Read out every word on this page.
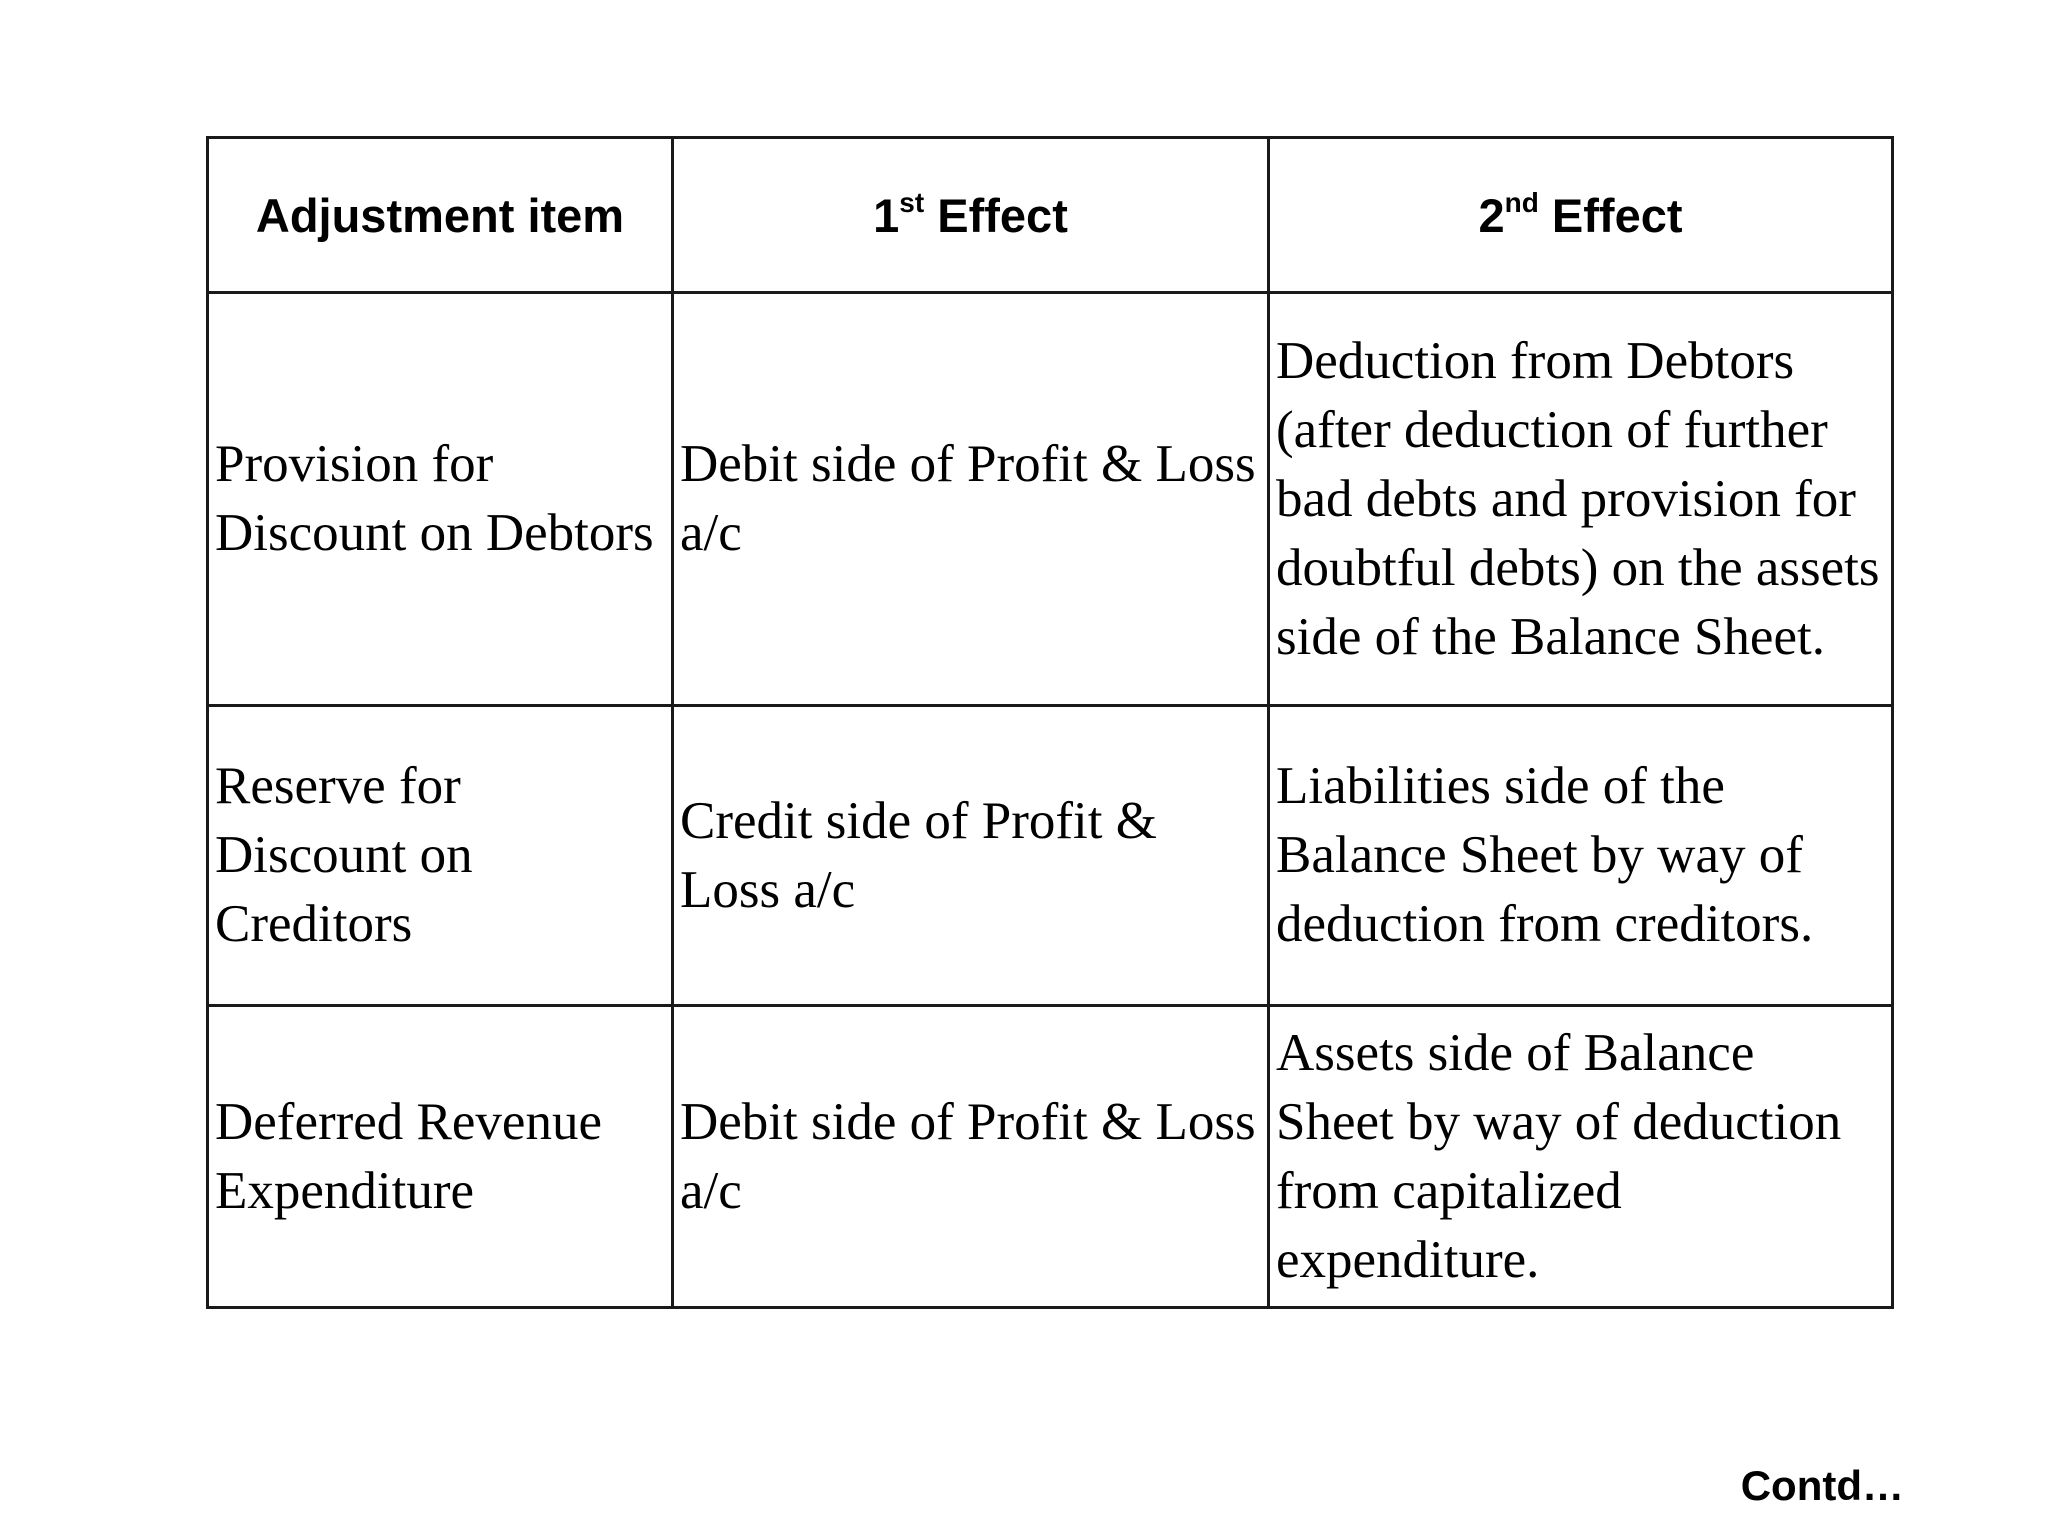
Adjustment item	1st Effect	2nd Effect
Provision for Discount on Debtors	Debit side of Profit & Loss a/c	Deduction from Debtors (after deduction of further bad debts and provision for doubtful debts) on the assets side of the Balance Sheet.
Reserve for Discount on Creditors	Credit side of Profit & Loss a/c	Liabilities side of the Balance Sheet by way of deduction from creditors.
Deferred Revenue Expenditure	Debit side of Profit & Loss a/c	Assets side of Balance Sheet by way of deduction from capitalized expenditure.
Contd…
